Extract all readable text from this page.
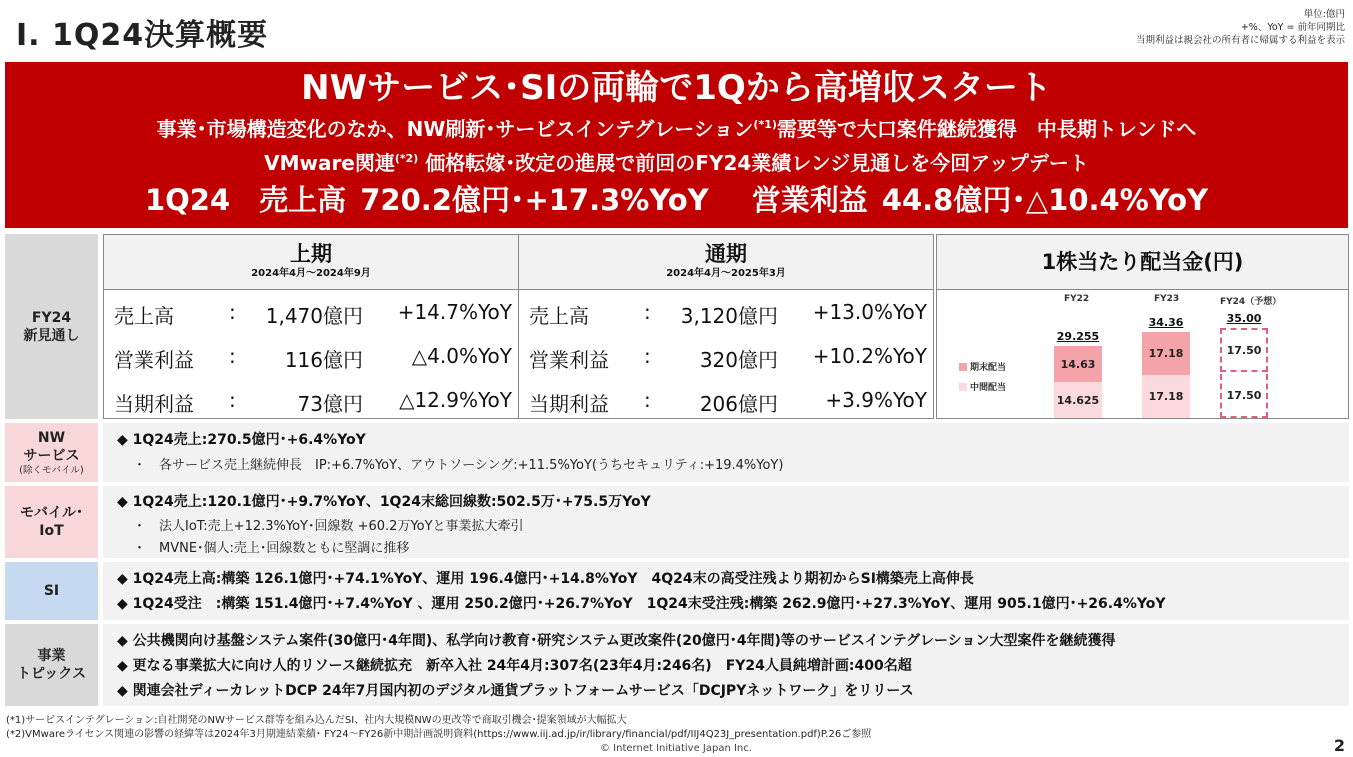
Ⅰ. 1Q24決算概要
単位:億円
+%、YoY = 前年同期比
当期利益は親会社の所有者に帰属する利益を表示
NWサービス･SIの両輪で1Qから高増収スタート
事業･市場構造変化のなか、NW刷新･サービスインテグレーション$^{(*1)}$需要等で大口案件継続獲得　中長期トレンドへ
VMware関連$^{(*2)}$ 価格転嫁･改定の進展で前回のFY24業績レンジ見通しを今回アップデート
1Q24　売上高 720.2億円･+17.3%YoY　 営業利益 44.8億円･△10.4%YoY
FY24
新見通し
上期
2024年4月～2024年9月
売上高	: 1,470億円 +14.7%YoY
営業利益 : 116億円 △4.0%YoY
当期利益 :	73億円 △12.9%YoY
通期
2024年4月～2025年3月
売上高	: 3,120億円 +13.0%YoY
営業利益 : 320億円 +10.2%YoY
当期利益 : 206億円 +3.9%YoY
1株当たり配当金(円)
期末配当
中間配当
FY22
29.255
14.63
14.625
FY23
34.36
17.18
17.18
FY24（予想）
35.00
17.50
17.50
NW
サービス
(除くモバイル)
◆ 1Q24売上:270.5億円･+6.4%YoY
・　各サービス売上継続伸長　IP:+6.7%YoY、アウトソーシング:+11.5%YoY(うちセキュリティ:+19.4%YoY)
モバイル･
IoT
◆ 1Q24売上:120.1億円･+9.7%YoY、1Q24末総回線数:502.5万･+75.5万YoY
・　法人IoT:売上+12.3%YoY･回線数 +60.2万YoYと事業拡大牽引
・　MVNE･個人:売上･回線数ともに堅調に推移
SI
◆ 1Q24売上高:構築 126.1億円･+74.1%YoY、運用 196.4億円･+14.8%YoY　4Q24末の高受注残より期初からSI構築売上高伸長
◆ 1Q24受注　:構築 151.4億円･+7.4%YoY 、運用 250.2億円･+26.7%YoY　1Q24末受注残:構築 262.9億円･+27.3%YoY、運用 905.1億円･+26.4%YoY
事業
トピックス
◆ 公共機関向け基盤システム案件(30億円･4年間)、私学向け教育･研究システム更改案件(20億円･4年間)等のサービスインテグレーション大型案件を継続獲得
◆ 更なる事業拡大に向け人的リソース継続拡充　新卒入社 24年4月:307名(23年4月:246名)　FY24人員純増計画:400名超
◆ 関連会社ディーカレットDCP 24年7月国内初のデジタル通貨プラットフォームサービス「DCJPYネットワーク」をリリース
(*1)サービスインテグレーション:自社開発のNWサービス群等を組み込んだSI、社内大規模NWの更改等で商取引機会･提案領域が大幅拡大
(*2)VMwareライセンス関連の影響の経緯等は2024年3月期連結業績･ FY24～FY26新中期計画説明資料(https://www.iij.ad.jp/ir/library/financial/pdf/IIJ4Q23J_presentation.pdf)P.26ご参照
© Internet Initiative Japan Inc.	2
